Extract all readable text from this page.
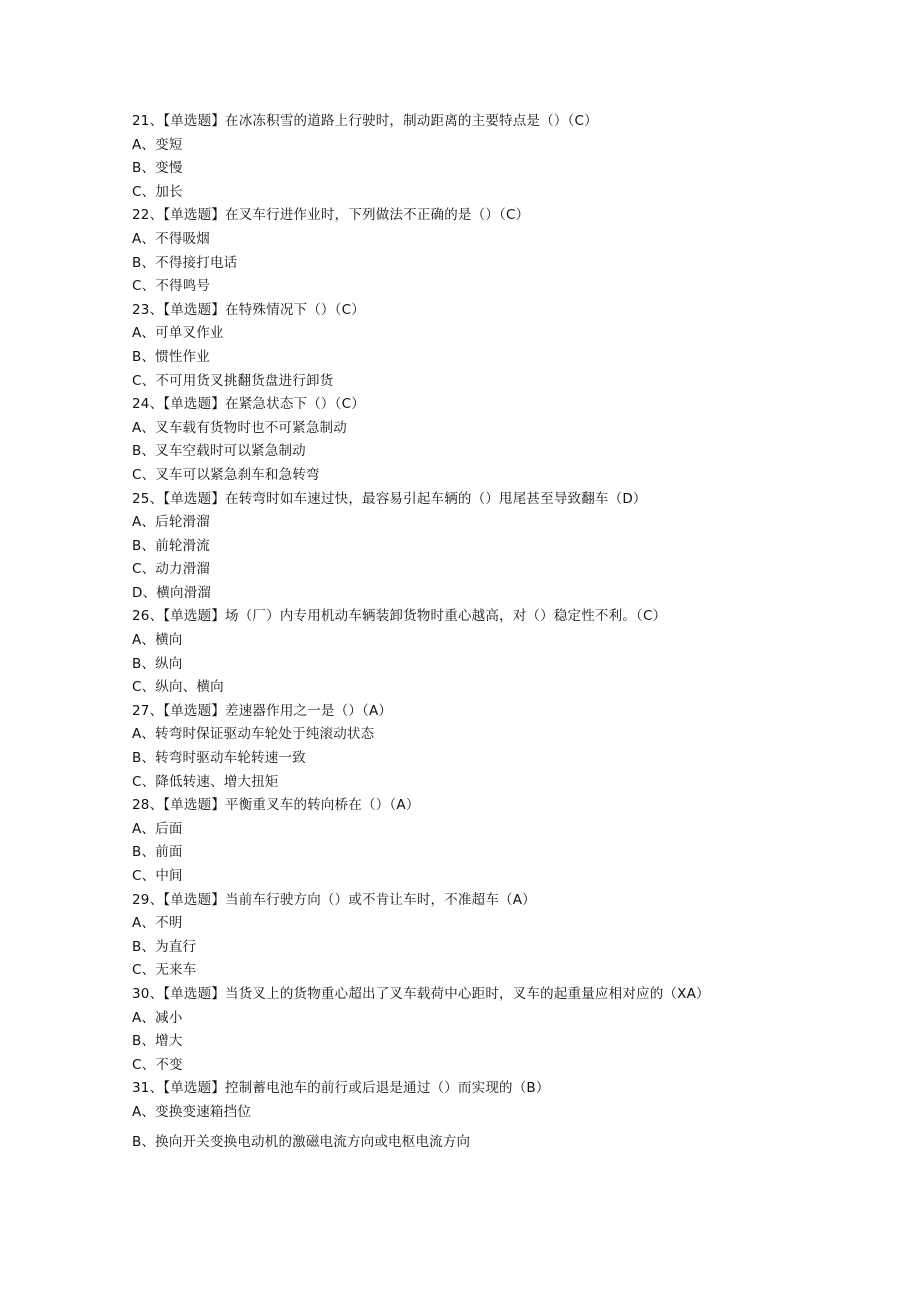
21、【单选题】在冰冻积雪的道路上行驶时，制动距离的主要特点是（）（C）
A、变短
B、变慢
C、加长
22、【单选题】在叉车行进作业时，下列做法不正确的是（）（C）
A、不得吸烟
B、不得接打电话
C、不得鸣号
23、【单选题】在特殊情况下（）（C）
A、可单叉作业
B、惯性作业
C、不可用货叉挑翻货盘进行卸货
24、【单选题】在紧急状态下（）（C）
A、叉车载有货物时也不可紧急制动
B、叉车空载时可以紧急制动
C、叉车可以紧急刹车和急转弯
25、【单选题】在转弯时如车速过快，最容易引起车辆的（）甩尾甚至导致翻车（D）
A、后轮滑溜
B、前轮滑流
C、动力滑溜
D、横向滑溜
26、【单选题】场（厂）内专用机动车辆装卸货物时重心越高，对（）稳定性不利。（C）
A、横向
B、纵向
C、纵向、横向
27、【单选题】差速器作用之一是（）（A）
A、转弯时保证驱动车轮处于纯滚动状态
B、转弯时驱动车轮转速一致
C、降低转速、增大扭矩
28、【单选题】平衡重叉车的转向桥在（）（A）
A、后面
B、前面
C、中间
29、【单选题】当前车行驶方向（）或不肯让车时，不准超车（A）
A、不明
B、为直行
C、无来车
30、【单选题】当货叉上的货物重心超出了叉车载荷中心距时，叉车的起重量应相对应的（XA）
A、减小
B、增大
C、不变
31、【单选题】控制蓄电池车的前行或后退是通过（）而实现的（B）
A、变换变速箱挡位
B、换向开关变换电动机的激磁电流方向或电枢电流方向
